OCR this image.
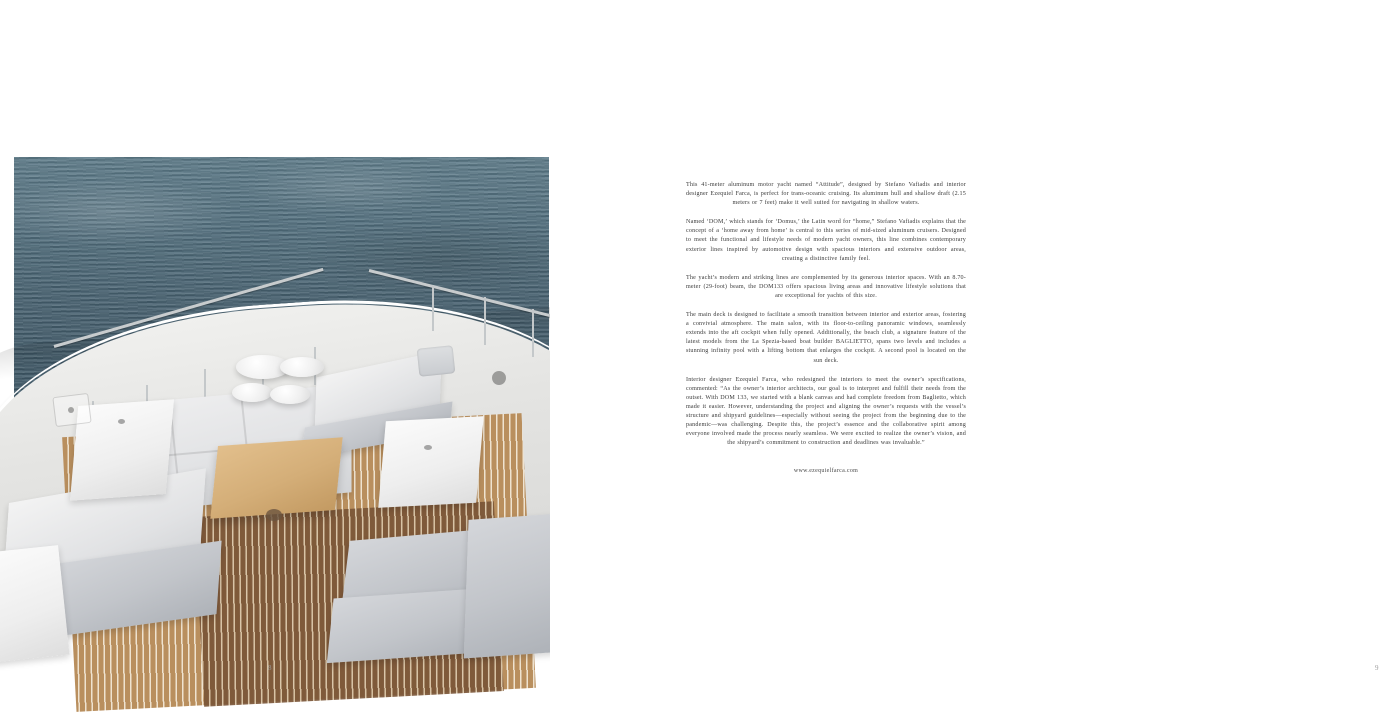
8

This 41-meter aluminum motor yacht named “Attitude”, designed by Stefano Vafiadis and interior designer Ezequiel Farca, is perfect for trans-oceanic cruising. Its aluminum hull and shallow draft (2.15 meters or 7 feet) make it well suited for navigating in shallow waters.

Named ‘DOM,’ which stands for ‘Domus,’ the Latin word for “home,” Stefano Vafiadis explains that the concept of a ‘home away from home’ is central to this series of mid-sized aluminum cruisers. Designed to meet the functional and lifestyle needs of modern yacht owners, this line combines contemporary exterior lines inspired by automotive design with spacious interiors and extensive outdoor areas, creating a distinctive family feel.

The yacht’s modern and striking lines are complemented by its generous interior spaces. With an 8.70-meter (29-foot) beam, the DOM133 offers spacious living areas and innovative lifestyle solutions that are exceptional for yachts of this size.

The main deck is designed to facilitate a smooth transition between interior and exterior areas, fostering a convivial atmosphere. The main salon, with its floor-to-ceiling panoramic windows, seamlessly extends into the aft cockpit when fully opened. Additionally, the beach club, a signature feature of the latest models from the La Spezia-based boat builder BAGLIETTO, spans two levels and includes a stunning infinity pool with a lifting bottom that enlarges the cockpit. A second pool is located on the sun deck.

Interior designer Ezequiel Farca, who redesigned the interiors to meet the owner’s specifications, commented: “As the owner’s interior architects, our goal is to interpret and fulfill their needs from the outset. With DOM 133, we started with a blank canvas and had complete freedom from Baglietto, which made it easier. However, understanding the project and aligning the owner’s requests with the vessel’s structure and shipyard guidelines—especially without seeing the project from the beginning due to the pandemic—was challenging. Despite this, the project’s essence and the collaborative spirit among everyone involved made the process nearly seamless. We were excited to realize the owner’s vision, and the shipyard’s commitment to construction and deadlines was invaluable.”

www.ezequielfarca.com

9
